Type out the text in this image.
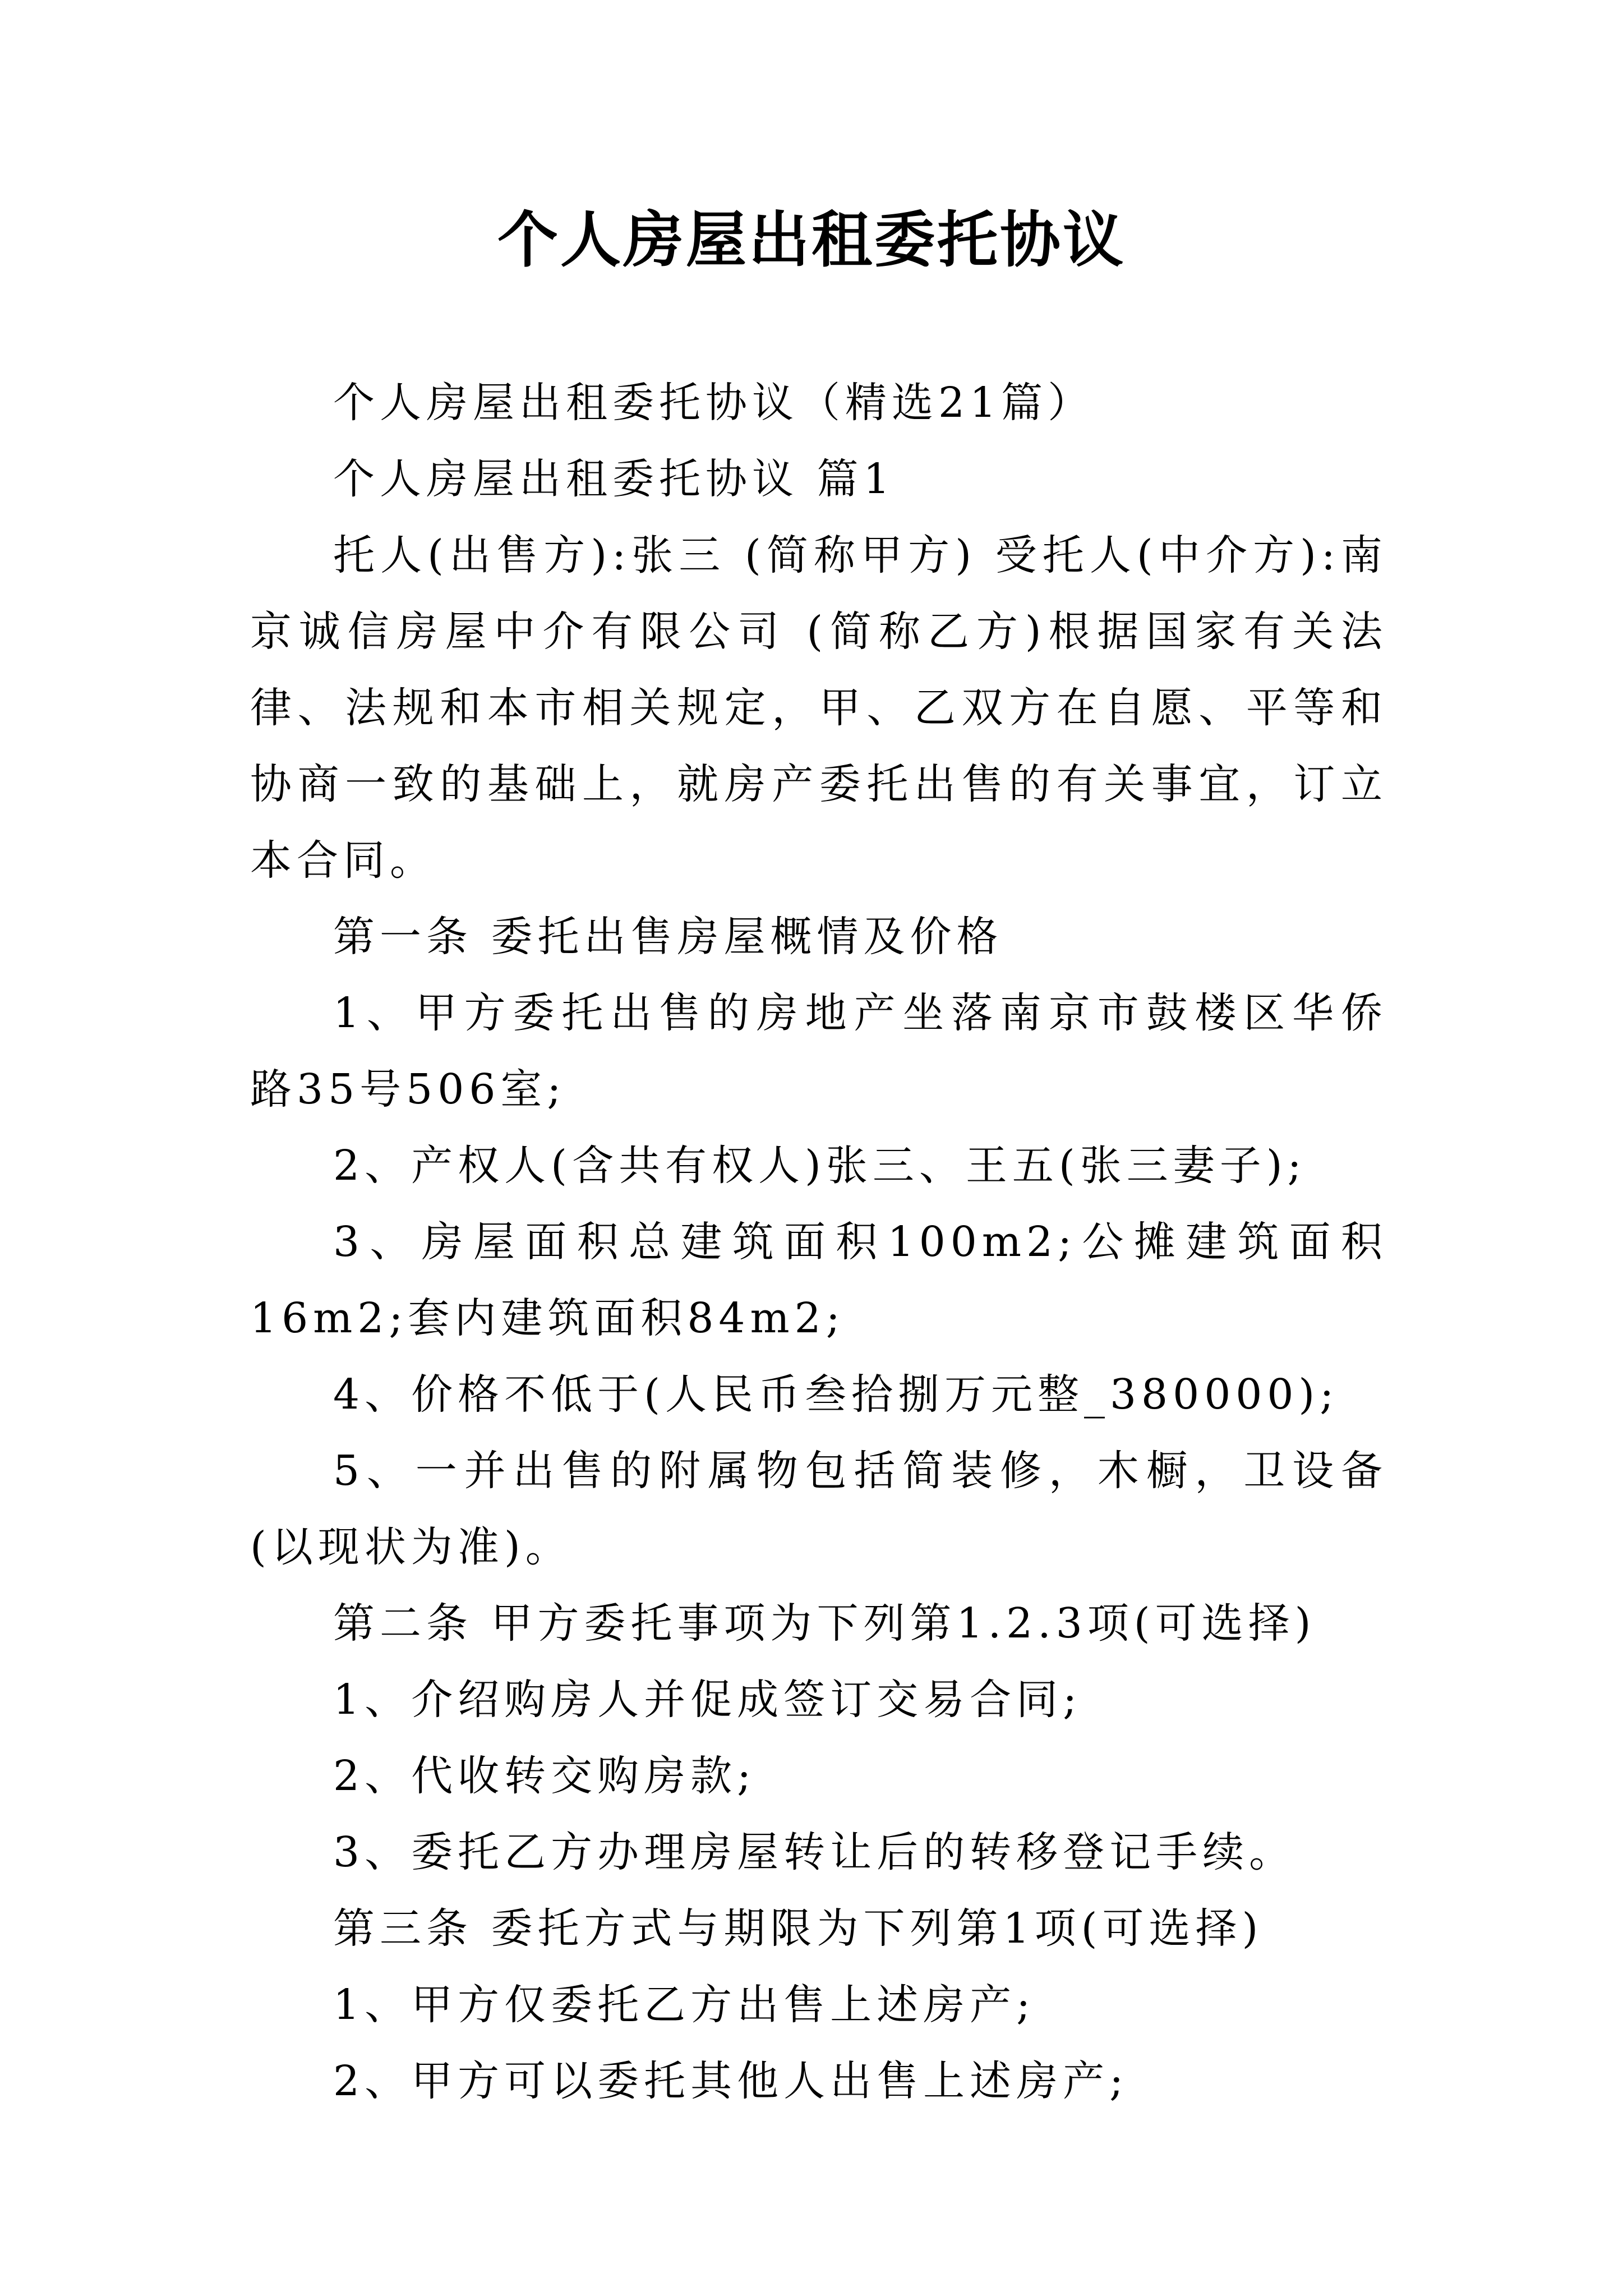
个人房屋出租委托协议

个人房屋出租委托协议（精选21篇）

个人房屋出租委托协议 篇1

托人(出售方):张三 (简称甲方) 受托人(中介方):南京诚信房屋中介有限公司 (简称乙方)根据国家有关法律、法规和本市相关规定，甲、乙双方在自愿、平等和协商一致的基础上，就房产委托出售的有关事宜，订立本合同。

第一条 委托出售房屋概情及价格

1、甲方委托出售的房地产坐落南京市鼓楼区华侨路35号506室;

2、产权人(含共有权人)张三、王五(张三妻子);

3、房屋面积总建筑面积100m2;公摊建筑面积16m2;套内建筑面积84m2;

4、价格不低于(人民币叁拾捌万元整_380000);

5、一并出售的附属物包括简装修，木橱，卫设备(以现状为准)。

第二条 甲方委托事项为下列第1.2.3项(可选择)

1、介绍购房人并促成签订交易合同;

2、代收转交购房款;

3、委托乙方办理房屋转让后的转移登记手续。

第三条 委托方式与期限为下列第1项(可选择)

1、甲方仅委托乙方出售上述房产;

2、甲方可以委托其他人出售上述房产;
